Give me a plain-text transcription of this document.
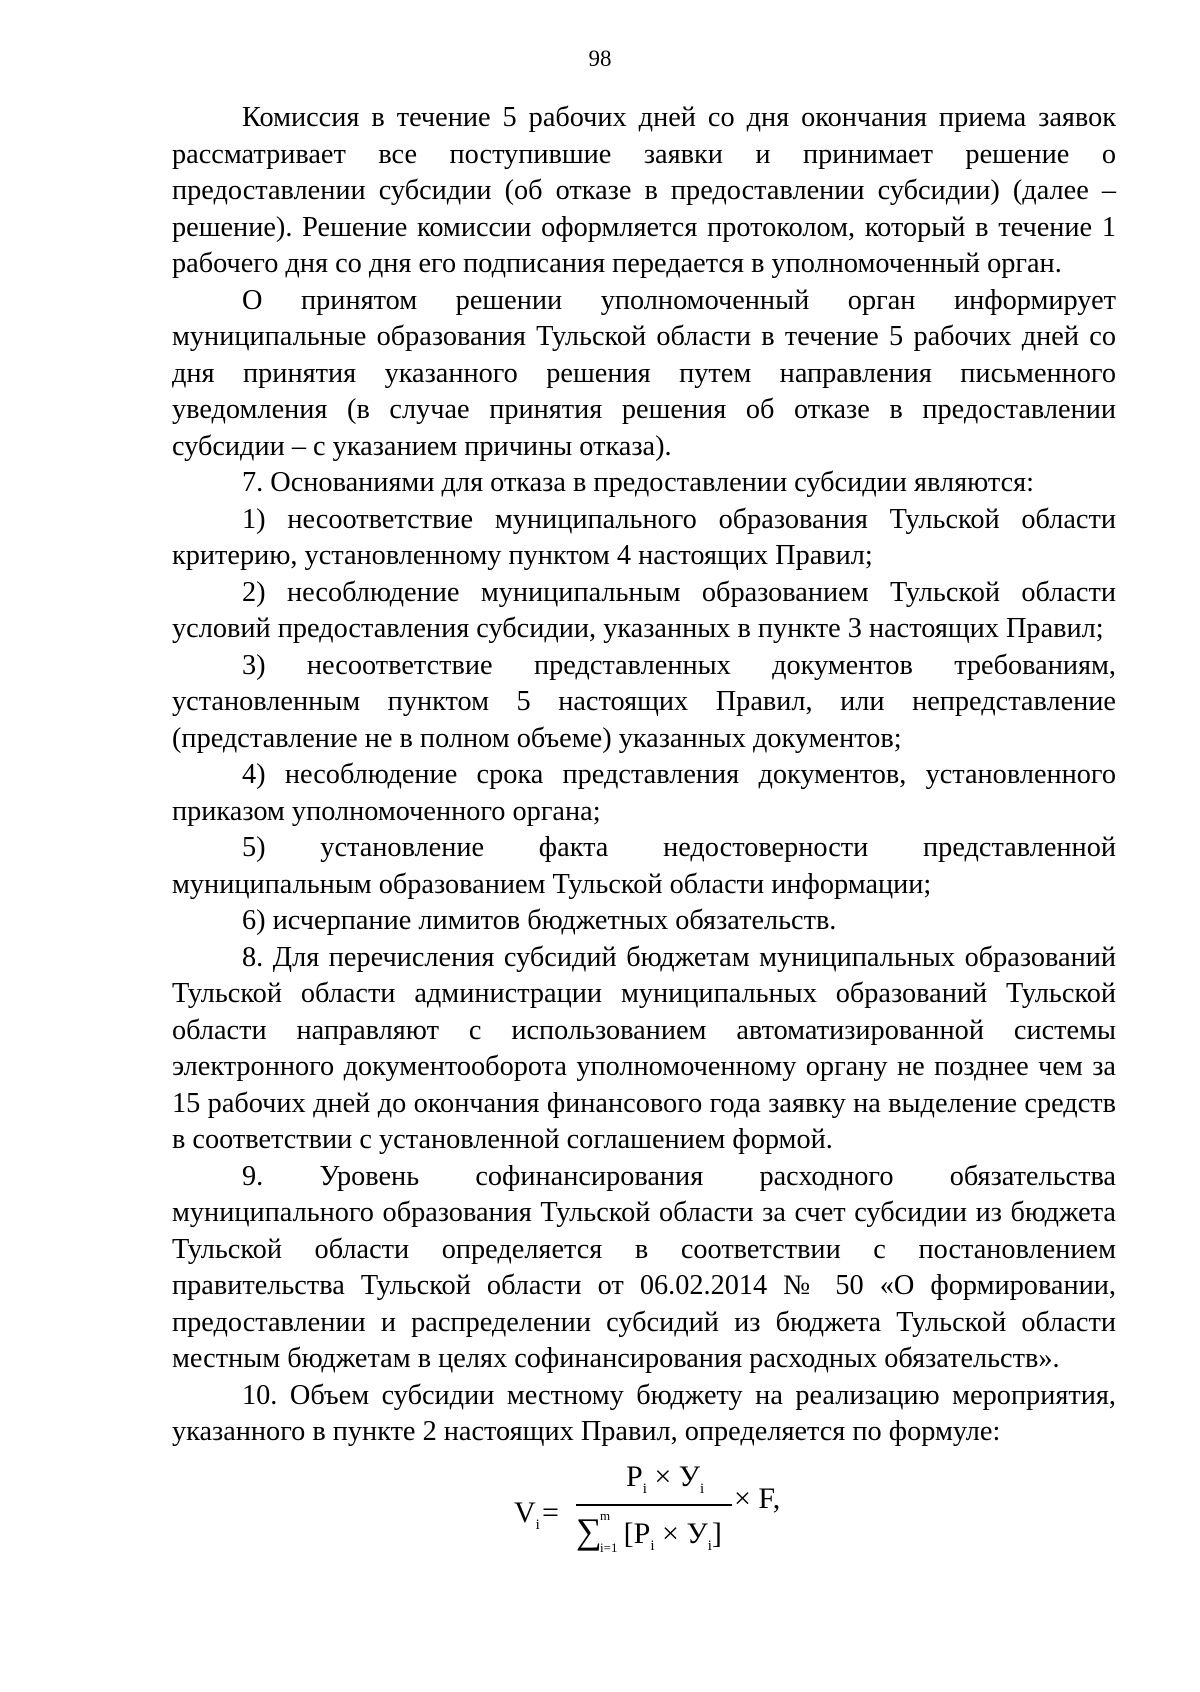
98

Комиссия в течение 5 рабочих дней со дня окончания приема заявок рассматривает все поступившие заявки и принимает решение о предоставлении субсидии (об отказе в предоставлении субсидии) (далее – решение). Решение комиссии оформляется протоколом, который в течение 1 рабочего дня со дня его подписания передается в уполномоченный орган.

О принятом решении уполномоченный орган информирует муниципальные образования Тульской области в течение 5 рабочих дней со дня принятия указанного решения путем направления письменного уведомления (в случае принятия решения об отказе в предоставлении субсидии – с указанием причины отказа).

7. Основаниями для отказа в предоставлении субсидии являются:

1) несоответствие муниципального образования Тульской области критерию, установленному пунктом 4 настоящих Правил;

2) несоблюдение муниципальным образованием Тульской области условий предоставления субсидии, указанных в пункте 3 настоящих Правил;

3) несоответствие представленных документов требованиям, установленным пунктом 5 настоящих Правил, или непредставление (представление не в полном объеме) указанных документов;

4) несоблюдение срока представления документов, установленного приказом уполномоченного органа;

5) установление факта недостоверности представленной муниципальным образованием Тульской области информации;

6) исчерпание лимитов бюджетных обязательств.

8. Для перечисления субсидий бюджетам муниципальных образований Тульской области администрации муниципальных образований Тульской области направляют с использованием автоматизированной системы электронного документооборота уполномоченному органу не позднее чем за 15 рабочих дней до окончания финансового года заявку на выделение средств в соответствии с установленной соглашением формой.

9. Уровень софинансирования расходного обязательства муниципального образования Тульской области за счет субсидии из бюджета Тульской области определяется в соответствии с постановлением правительства Тульской области от 06.02.2014 № 50 «О формировании, предоставлении и распределении субсидий из бюджета Тульской области местным бюджетам в целях софинансирования расходных обязательств».

10. Объем субсидии местному бюджету на реализацию мероприятия, указанного в пункте 2 настоящих Правил, определяется по формуле:

$V_i$ =
$P_i \times У_i$
∑
m
i=1 $[P_i \times У_i]$
× F,
